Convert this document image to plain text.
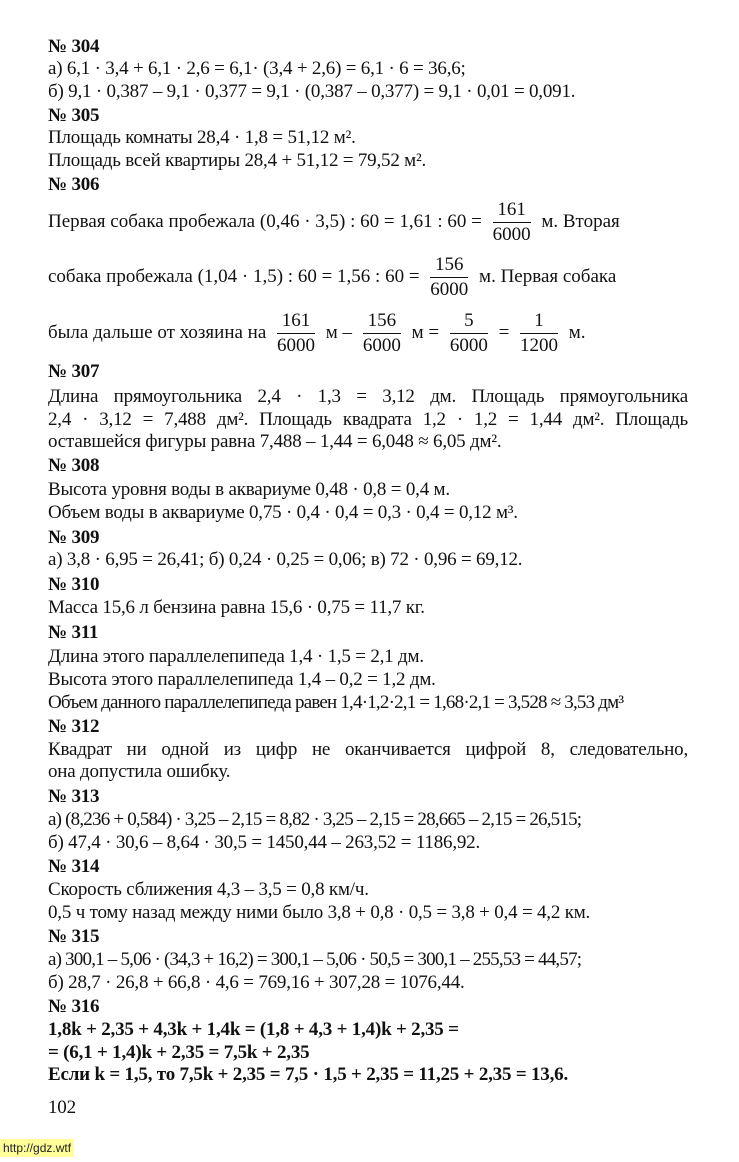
№ 304
а) 6,1 · 3,4 + 6,1 · 2,6 = 6,1· (3,4 + 2,6) = 6,1 · 6 = 36,6;
б) 9,1 · 0,387 – 9,1 · 0,377 = 9,1 · (0,387 – 0,377) = 9,1 · 0,01 = 0,091.
№ 305
Площадь комнаты 28,4 · 1,8 = 51,12 м².
Площадь всей квартиры 28,4 + 51,12 = 79,52 м².
№ 306
Первая собака пробежала (0,46 · 3,5) : 60 = 1,61 : $60 = \frac{161}{6000} м$. Вторая
собака пробежала (1,04 · 1,5) : 60 = 1,56 : $60 = \frac{156}{6000} м$. Первая собака
была дальше от хозяина на $\frac{161}{6000}$ м – $\frac{156}{6000}$ $м = \frac{5}{6000} = \frac{1}{1200} м$.
№ 307
Длина прямоугольника 2,4 · 1,3 = 3,12 дм. Площадь прямоугольника
2,4 · 3,12 = 7,488 дм². Площадь квадрата 1,2 · 1,2 = 1,44 дм². Площадь
оставшейся фигуры равна 7,488 – 1,44 = 6,048 ≈ 6,05 дм².
№ 308
Высота уровня воды в аквариуме 0,48 · 0,8 = 0,4 м.
Объем воды в аквариуме 0,75 · 0,4 · 0,4 = 0,3 · 0,4 = 0,12 м³.
№ 309
а) 3,8 · 6,95 = 26,41; б) 0,24 · 0,25 = 0,06; в) 72 · 0,96 = 69,12.
№ 310
Масса 15,6 л бензина равна 15,6 · 0,75 = 11,7 кг.
№ 311
Длина этого параллелепипеда 1,4 · 1,5 = 2,1 дм.
Высота этого параллелепипеда 1,4 – 0,2 = 1,2 дм.
Объем данного параллелепипеда равен 1,4·1,2·2,1 = 1,68·2,1 = 3,528 ≈ 3,53 дм³
№ 312
Квадрат ни одной из цифр не оканчивается цифрой 8, следовательно,
она допустила ошибку.
№ 313
а) (8,236 + 0,584) · 3,25 – 2,15 = 8,82 · 3,25 – 2,15 = 28,665 – 2,15 = 26,515;
б) 47,4 · 30,6 – 8,64 · 30,5 = 1450,44 – 263,52 = 1186,92.
№ 314
Скорость сближения 4,3 – 3,5 = 0,8 км/ч.
0,5 ч тому назад между ними было 3,8 + 0,8 · 0,5 = 3,8 + 0,4 = 4,2 км.
№ 315
а) 300,1 – 5,06 · (34,3 + 16,2) = 300,1 – 5,06 · 50,5 = 300,1 – 255,53 = 44,57;
б) 28,7 · 26,8 + 66,8 · 4,6 = 769,16 + 307,28 = 1076,44.
№ 316
1,8k + 2,35 + 4,3k + 1,4k = (1,8 + 4,3 + 1,4)k + 2,35 =
= (6,1 + 1,4)k + 2,35 = 7,5k + 2,35
Если k = 1,5, то 7,5k + 2,35 = 7,5 · 1,5 + 2,35 = 11,25 + 2,35 = 13,6.
102
http://gdz.wtf
